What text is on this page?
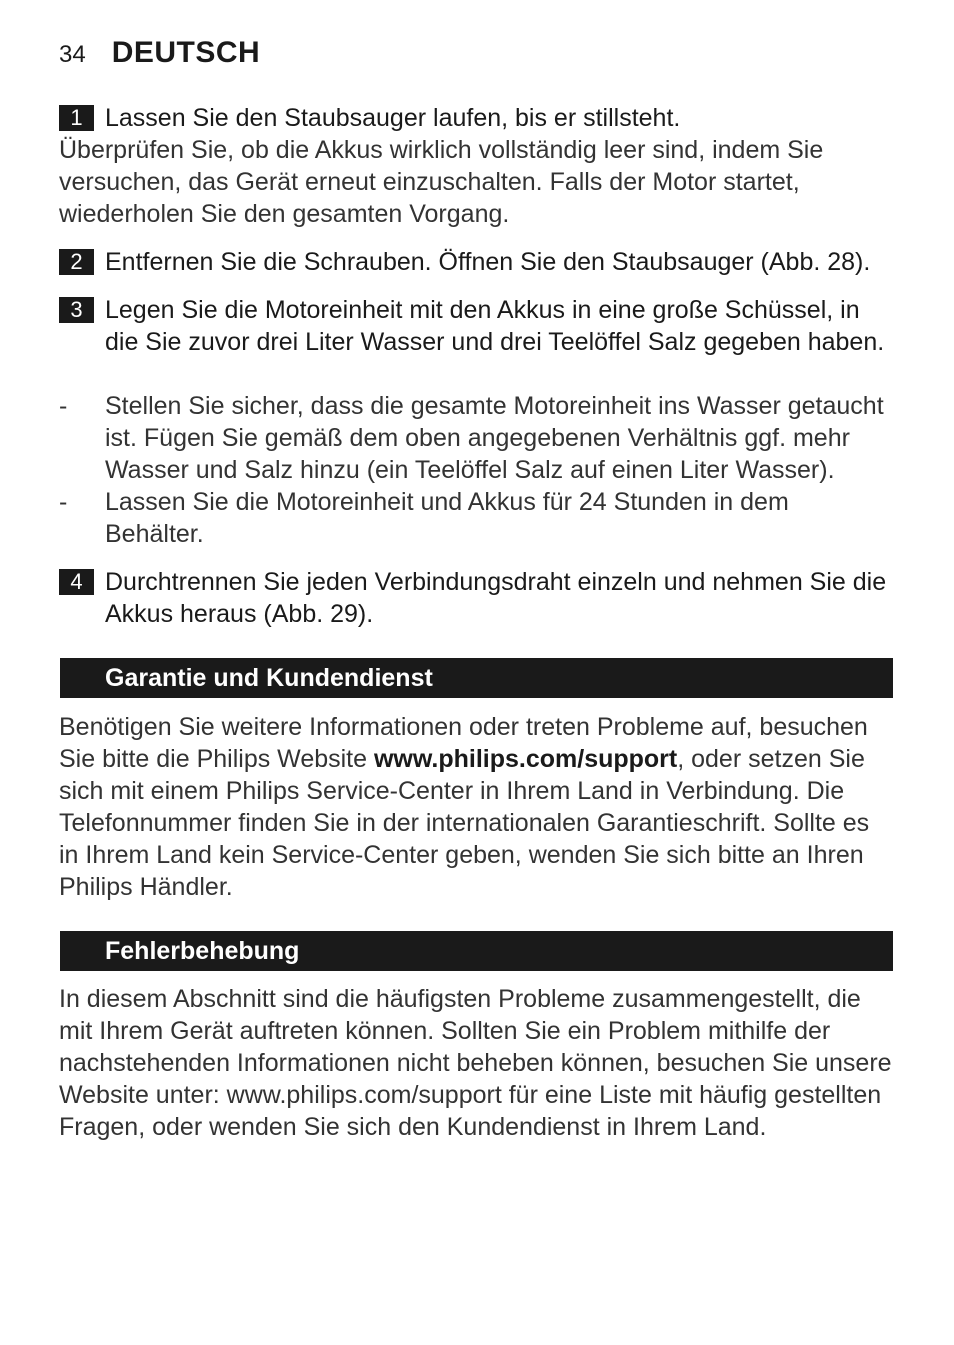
34 DEUTSCH
1 Lassen Sie den Staubsauger laufen, bis er stillsteht.
Überprüfen Sie, ob die Akkus wirklich vollständig leer sind, indem Sie versuchen, das Gerät erneut einzuschalten. Falls der Motor startet, wiederholen Sie den gesamten Vorgang.
2 Entfernen Sie die Schrauben. Öffnen Sie den Staubsauger (Abb. 28).
3 Legen Sie die Motoreinheit mit den Akkus in eine große Schüssel, in die Sie zuvor drei Liter Wasser und drei Teelöffel Salz gegeben haben.
- Stellen Sie sicher, dass die gesamte Motoreinheit ins Wasser getaucht ist. Fügen Sie gemäß dem oben angegebenen Verhältnis ggf. mehr Wasser und Salz hinzu (ein Teelöffel Salz auf einen Liter Wasser).
- Lassen Sie die Motoreinheit und Akkus für 24 Stunden in dem Behälter.
4 Durchtrennen Sie jeden Verbindungsdraht einzeln und nehmen Sie die Akkus heraus (Abb. 29).
Garantie und Kundendienst
Benötigen Sie weitere Informationen oder treten Probleme auf, besuchen Sie bitte die Philips Website www.philips.com/support, oder setzen Sie sich mit einem Philips Service-Center in Ihrem Land in Verbindung. Die Telefonnummer finden Sie in der internationalen Garantieschrift. Sollte es in Ihrem Land kein Service-Center geben, wenden Sie sich bitte an Ihren Philips Händler.
Fehlerbehebung
In diesem Abschnitt sind die häufigsten Probleme zusammengestellt, die mit Ihrem Gerät auftreten können. Sollten Sie ein Problem mithilfe der nachstehenden Informationen nicht beheben können, besuchen Sie unsere Website unter: www.philips.com/support für eine Liste mit häufig gestellten Fragen, oder wenden Sie sich den Kundendienst in Ihrem Land.
